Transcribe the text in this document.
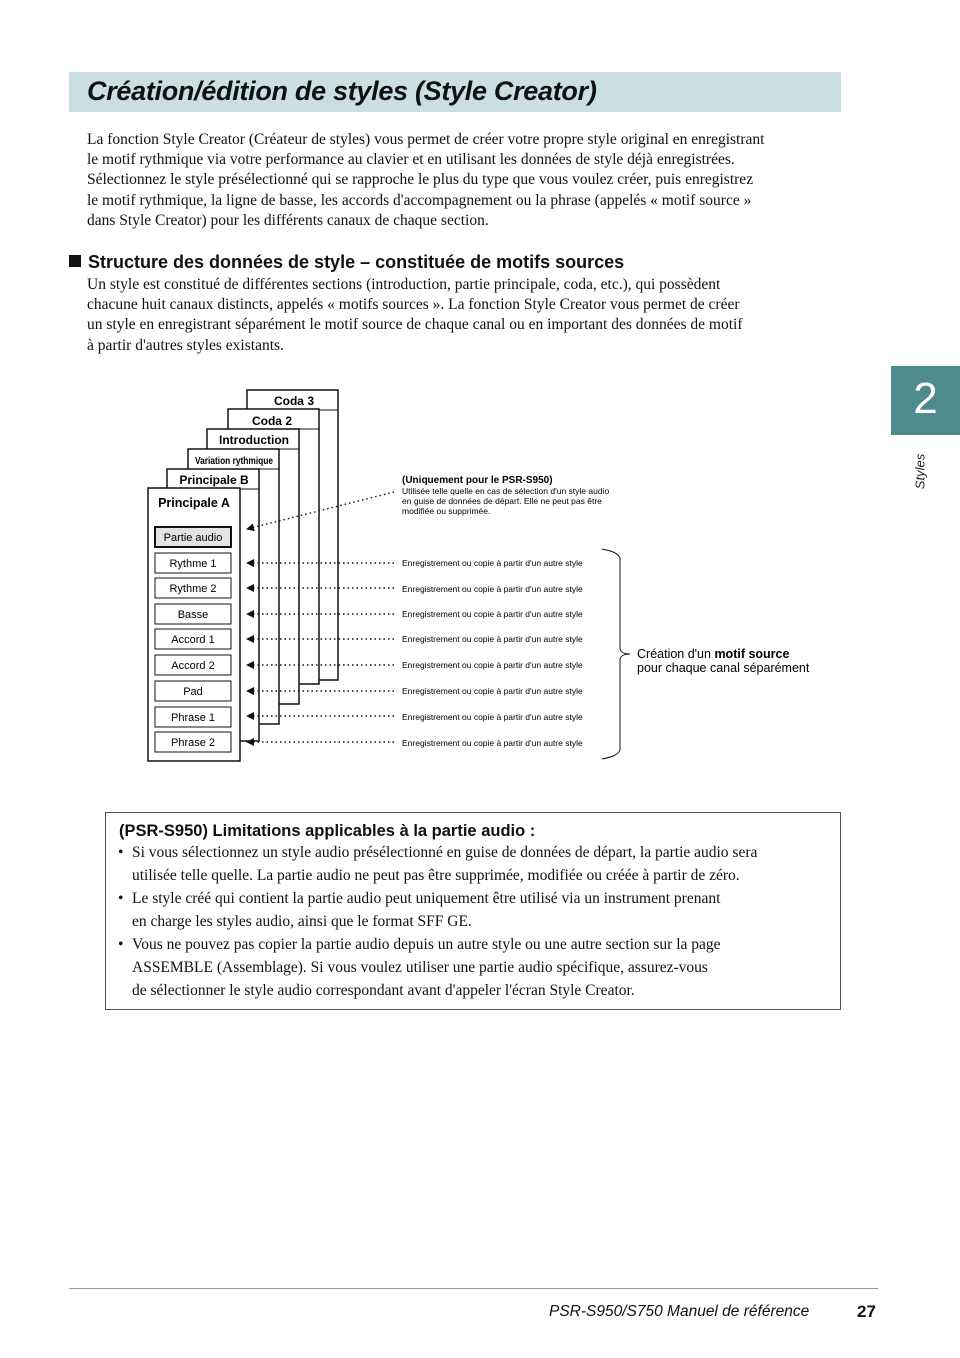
Création/édition de styles (Style Creator)

La fonction Style Creator (Créateur de styles) vous permet de créer votre propre style original en enregistrant

le motif rythmique via votre performance au clavier et en utilisant les données de style déjà enregistrées.

Sélectionnez le style présélectionné qui se rapproche le plus du type que vous voulez créer, puis enregistrez

le motif rythmique, la ligne de basse, les accords d'accompagnement ou la phrase (appelés « motif source »

dans Style Creator) pour les différents canaux de chaque section.

Structure des données de style – constituée de motifs sources

Un style est constitué de différentes sections (introduction, partie principale, coda, etc.), qui possèdent

chacune huit canaux distincts, appelés « motifs sources ». La fonction Style Creator vous permet de créer

un style en enregistrant séparément le motif source de chaque canal ou en important des données de motif

à partir d'autres styles existants.

2
Styles
Coda 3
Coda 2
Introduction
Variation rythmique
Principale B
Principale A
Partie audio
(Uniquement pour le PSR-S950)
Utilisée telle quelle en cas de sélection d'un style audio
en guise de données de départ. Elle ne peut pas être
modifiée ou supprimée.
Rythme 1	Enregistrement ou copie à partir d'un autre style
Rythme 2	Enregistrement ou copie à partir d'un autre style
Basse	Enregistrement ou copie à partir d'un autre style
Accord 1	Enregistrement ou copie à partir d'un autre style
Accord 2	Enregistrement ou copie à partir d'un autre style
Pad	Enregistrement ou copie à partir d'un autre style
Phrase 1	Enregistrement ou copie à partir d'un autre style
Phrase 2	Enregistrement ou copie à partir d'un autre style
Création d'un motif source
pour chaque canal séparément
(PSR-S950) Limitations applicables à la partie audio :
• Si vous sélectionnez un style audio présélectionné en guise de données de départ, la partie audio sera
utilisée telle quelle. La partie audio ne peut pas être supprimée, modifiée ou créée à partir de zéro.
• Le style créé qui contient la partie audio peut uniquement être utilisé via un instrument prenant
en charge les styles audio, ainsi que le format SFF GE.
• Vous ne pouvez pas copier la partie audio depuis un autre style ou une autre section sur la page
ASSEMBLE (Assemblage). Si vous voulez utiliser une partie audio spécifique, assurez-vous
de sélectionner le style audio correspondant avant d'appeler l'écran Style Creator.
PSR-S950/S750 Manuel de référence	27
